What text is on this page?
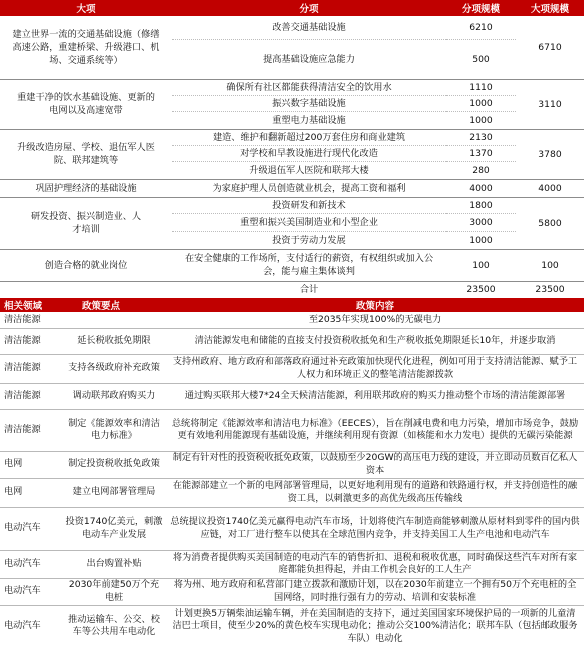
大项	分项	分项规模	大项规模
建立世界一流的交通基础设施（修缮高速公路，重建桥梁、升级港口、机场、交通系统等）	改善交通基础设施	6210	6710
	提高基础设施应急能力	500	
重建干净的饮水基础设施、更新的电网以及高速宽带	确保所有社区都能获得清洁安全的饮用水	1110	3110
	振兴数字基础设施	1000	
	重塑电力基础设施	1000	
升级改造房屋、学校、退伍军人医院、联邦建筑等	建造、维护和翻新超过200万套住房和商业建筑	2130	3780
	对学校和早教设施进行现代化改造	1370	
	升级退伍军人医院和联邦大楼	280	
巩固护理经济的基础设施	为家庭护理人员创造就业机会，提高工资和福利	4000	4000
研发投资、振兴制造业、人才培训	投资研发和新技术	1800	5800
	重塑和振兴美国制造业和小型企业	3000	
	投资于劳动力发展	1000	
创造合格的就业岗位	在安全健康的工作场所，支付适行的薪资，有权组织或加入公会，能与雇主集体谈判	100	100
	合计	23500	23500
相关领域	政策要点	政策内容
清洁能源		至2035年实现100%的无碳电力
清洁能源	延长税收抵免期限	清洁能源发电和储能的直接支付投资税收抵免和生产税收抵免期限延长10年，并逐步取消
清洁能源	支持各级政府补充政策	支持州政府、地方政府和部落政府通过补充政策加快现代化进程，例如可用于支持清洁能源、赋予工人权力和环境正义的整笔清洁能源拨款
清洁能源	调动联邦政府购买力	通过购买联邦大楼7*24全天候清洁能源，利用联邦政府的购买力推动整个市场的清洁能源部署
清洁能源	制定《能源效率和清洁电力标准》	总统将制定《能源效率和清洁电力标准》（EECES），旨在削减电费和电力污染，增加市场竞争，鼓励更有效地利用能源现有基础设施，并继续利用现有资源（如核能和水力发电）提供的无碳污染能源
电网	制定投资税收抵免政策	制定有针对性的投资税收抵免政策，以鼓励至少20GW的高压电力线的建设，并立即动员数百亿私人资本
电网	建立电网部署管理局	在能源部建立一个新的电网部署管理局，以更好地利用现有的道路和铁路通行权，并支持创造性的融资工具，以刺激更多的高优先级高压传输线
电动汽车	投资1740亿美元，刺激电动车产业发展	总统提议投资1740亿美元赢得电动汽车市场，计划将使汽车制造商能够刺激从原材料到零件的国内供应链，对工厂进行整车以使其在全球范围内竞争，并支持美国工人生产电池和电动汽车
电动汽车	出台购置补贴	将为消费者提供购买美国制造的电动汽车的销售折扣、退税和税收优惠，同时确保这些汽车对所有家庭都能负担得起，并由工作机会良好的工人生产
电动汽车	2030年前建50万个充电桩	将为州、地方政府和私营部门建立拨款和激励计划，以在2030年前建立一个拥有50万个充电桩的全国网络，同时推行强有力的劳动、培训和安装标准
电动汽车	推动运输车、公交、校车等公共用车电动化	计划更换5万辆柴油运输车辆，并在美国制造的支持下，通过美国国家环境保护局的一项新的儿童清洁巴士项目，使至少20%的黄色校车实现电动化；推动公交100%清洁化；联邦车队（包括邮政服务车队）电动化
